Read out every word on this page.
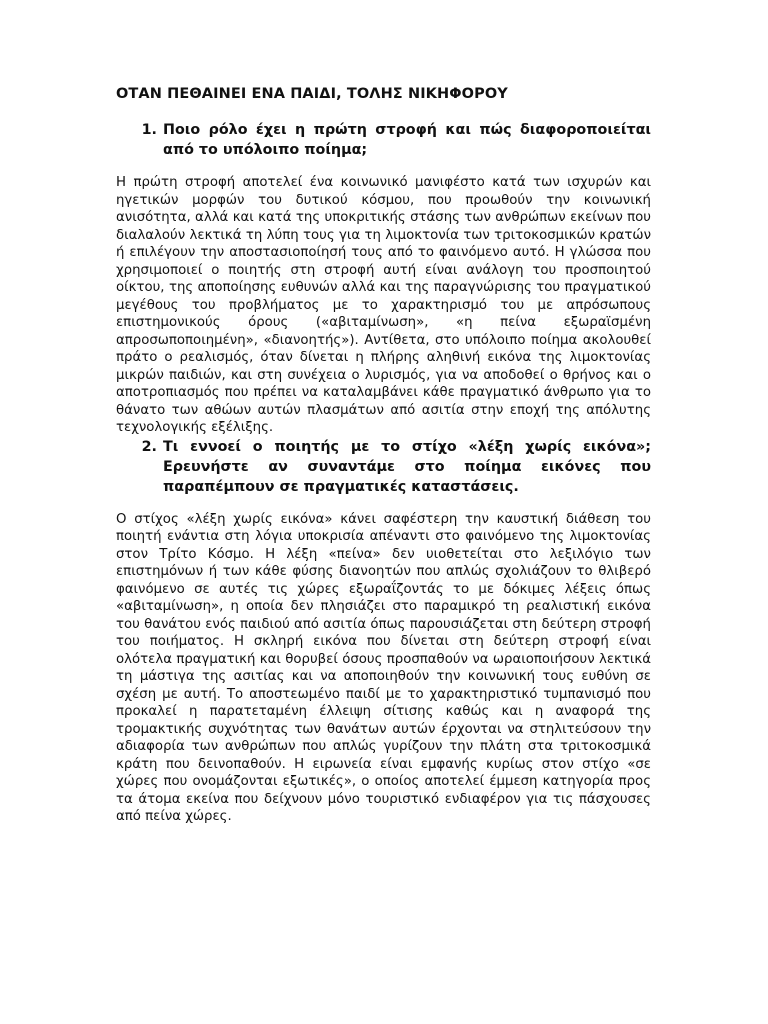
ΟΤΑΝ ΠΕΘΑΙΝΕΙ ΕΝΑ ΠΑΙΔΙ, ΤΟΛΗΣ ΝΙΚΗΦΟΡΟΥ
1. Ποιο ρόλο έχει η πρώτη στροφή και πώς διαφοροποιείται από το υπόλοιπο ποίημα;

Η πρώτη στροφή αποτελεί ένα κοινωνικό μανιφέστο κατά των ισχυρών και ηγετικών μορφών του δυτικού κόσμου, που προωθούν την κοινωνική ανισότητα, αλλά και κατά της υποκριτικής στάσης των ανθρώπων εκείνων που διαλαλούν λεκτικά τη λύπη τους για τη λιμοκτονία των τριτοκοσμικών κρατών ή επιλέγουν την αποστασιοποίησή τους από το φαινόμενο αυτό. Η γλώσσα που χρησιμοποιεί ο ποιητής στη στροφή αυτή είναι ανάλογη του προσποιητού οίκτου, της αποποίησης ευθυνών αλλά και της παραγνώρισης του πραγματικού μεγέθους του προβλήματος με το χαρακτηρισμό του με απρόσωπους επιστημονικούς όρους («αβιταμίνωση», «η πείνα εξωραϊσμένη απροσωποποιημένη», «διανοητής»). Αντίθετα, στο υπόλοιπο ποίημα ακολουθεί πράτο ο ρεαλισμός, όταν δίνεται η πλήρης αληθινή εικόνα της λιμοκτονίας μικρών παιδιών, και στη συνέχεια ο λυρισμός, για να αποδοθεί ο θρήνος και ο αποτροπιασμός που πρέπει να καταλαμβάνει κάθε πραγματικό άνθρωπο για το θάνατο των αθώων αυτών πλασμάτων από ασιτία στην εποχή της απόλυτης τεχνολογικής εξέλιξης.

2. Τι εννοεί ο ποιητής με το στίχο «λέξη χωρίς εικόνα»; Ερευνήστε αν συναντάμε στο ποίημα εικόνες που παραπέμπουν σε πραγματικές καταστάσεις.

Ο στίχος «λέξη χωρίς εικόνα» κάνει σαφέστερη την καυστική διάθεση του ποιητή ενάντια στη λόγια υποκρισία απέναντι στο φαινόμενο της λιμοκτονίας στον Τρίτο Κόσμο. Η λέξη «πείνα» δεν υιοθετείται στο λεξιλόγιο των επιστημόνων ή των κάθε φύσης διανοητών που απλώς σχολιάζουν το θλιβερό φαινόμενο σε αυτές τις χώρες εξωραΐζοντάς το με δόκιμες λέξεις όπως «αβιταμίνωση», η οποία δεν πλησιάζει στο παραμικρό τη ρεαλιστική εικόνα του θανάτου ενός παιδιού από ασιτία όπως παρουσιάζεται στη δεύτερη στροφή του ποιήματος. Η σκληρή εικόνα που δίνεται στη δεύτερη στροφή είναι ολότελα πραγματική και θορυβεί όσους προσπαθούν να ωραιοποιήσουν λεκτικά τη μάστιγα της ασιτίας και να αποποιηθούν την κοινωνική τους ευθύνη σε σχέση με αυτή. Το αποστεωμένο παιδί με το χαρακτηριστικό τυμπανισμό που προκαλεί η παρατεταμένη έλλειψη σίτισης καθώς και η αναφορά της τρομακτικής συχνότητας των θανάτων αυτών έρχονται να στηλιτεύσουν την αδιαφορία των ανθρώπων που απλώς γυρίζουν την πλάτη στα τριτοκοσμικά κράτη που δεινοπαθούν. Η ειρωνεία είναι εμφανής κυρίως στον στίχο «σε χώρες που ονομάζονται εξωτικές», ο οποίος αποτελεί έμμεση κατηγορία προς τα άτομα εκείνα που δείχνουν μόνο τουριστικό ενδιαφέρον για τις πάσχουσες από πείνα χώρες.
